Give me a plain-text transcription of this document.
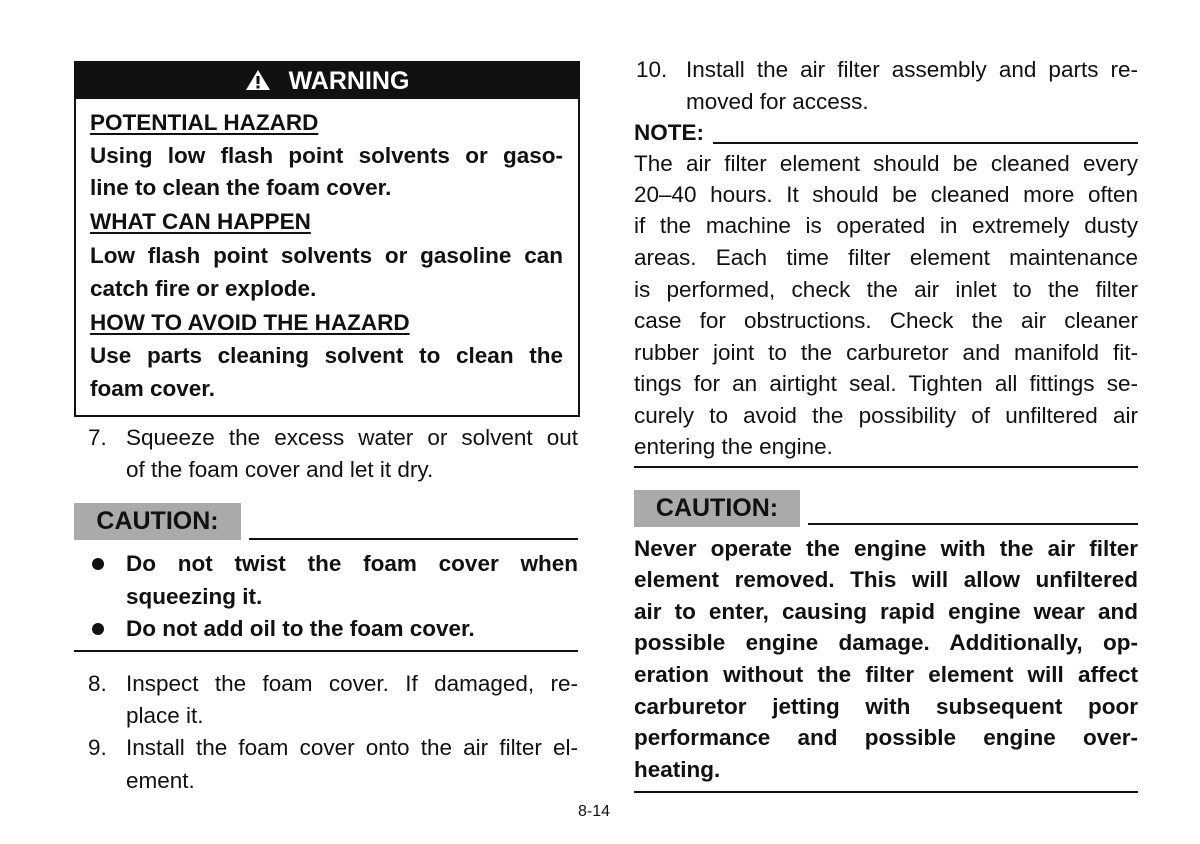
WARNING
CAUTION:	CAUTION:
POTENTIAL HAZARD
Using low flash point solvents or gaso-
line to clean the foam cover.
WHAT CAN HAPPEN
Low flash point solvents or gasoline can
catch fire or explode.
HOW TO AVOID THE HAZARD
Use parts cleaning solvent to clean the
foam cover.
7. Squeeze the excess water or solvent out
of the foam cover and let it dry.
Do not twist the foam cover when
squeezing it.
Do not add oil to the foam cover.
8. Inspect the foam cover. If damaged, re-
place it.
9. Install the foam cover onto the air filter el-
ement.
10. Install the air filter assembly and parts re-
moved for access.
NOTE:
The air filter element should be cleaned every
20–40 hours. It should be cleaned more often
if the machine is operated in extremely dusty
areas. Each time filter element maintenance
is performed, check the air inlet to the filter
case for obstructions. Check the air cleaner
rubber joint to the carburetor and manifold fit-
tings for an airtight seal. Tighten all fittings se-
curely to avoid the possibility of unfiltered air
entering the engine.
Never operate the engine with the air filter
element removed. This will allow unfiltered
air to enter, causing rapid engine wear and
possible engine damage. Additionally, op-
eration without the filter element will affect
carburetor jetting with subsequent poor
performance and possible engine over-
heating.
8-14
